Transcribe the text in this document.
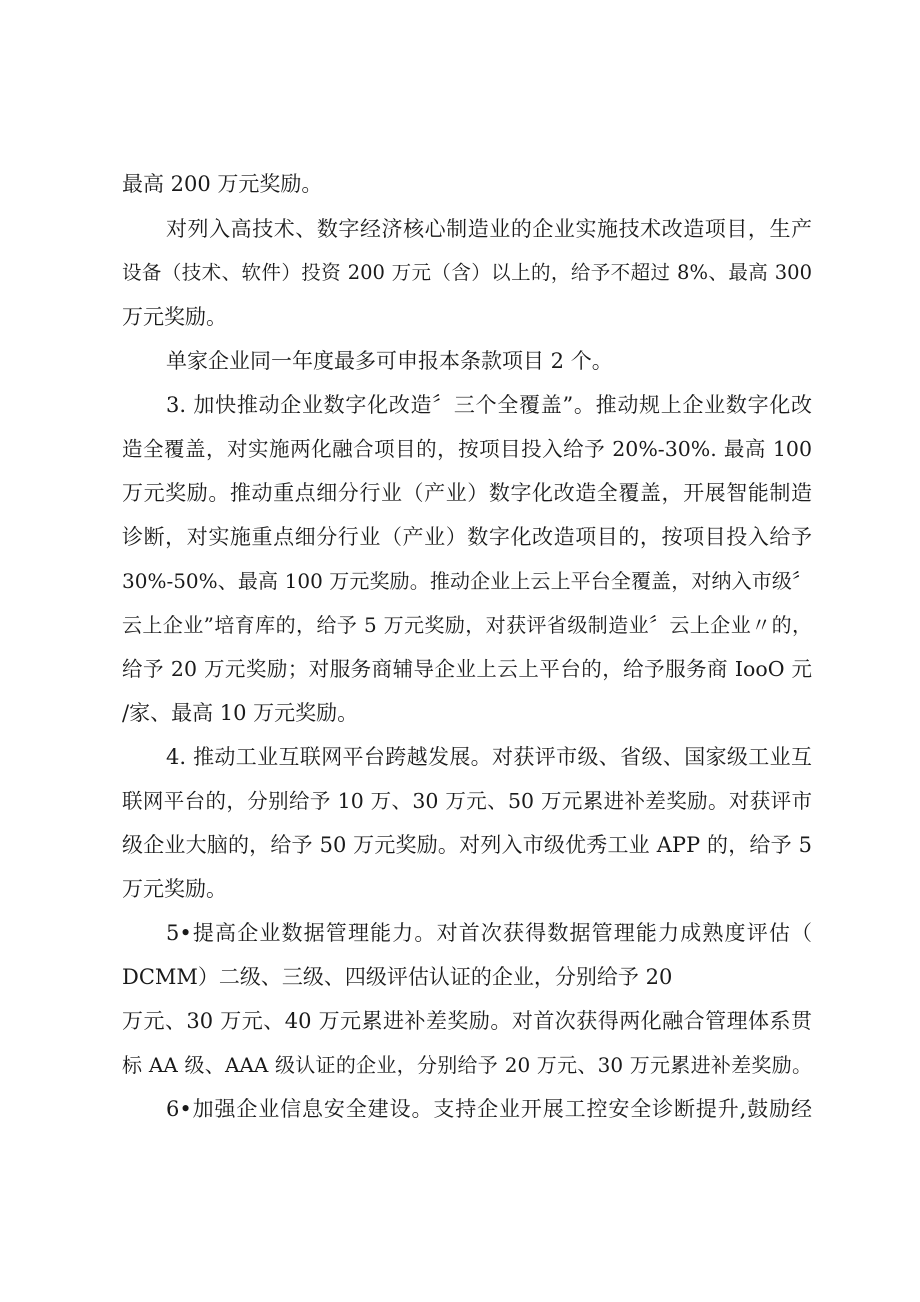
最高 200 万元奖励。
对列入高技术、数字经济核心制造业的企业实施技术改造项目，生产
设备（技术、软件）投资 200 万元（含）以上的，给予不超过 8%、最高 300
万元奖励。
单家企业同一年度最多可申报本条款项目 2 个。
3. 加快推动企业数字化改造〞三个全覆盖”。推动规上企业数字化改
造全覆盖，对实施两化融合项目的，按项目投入给予 20%-30%. 最高 100
万元奖励。推动重点细分行业（产业）数字化改造全覆盖，开展智能制造
诊断，对实施重点细分行业（产业）数字化改造项目的，按项目投入给予
30%-50%、最高 100 万元奖励。推动企业上云上平台全覆盖，对纳入市级〞
云上企业”培育库的，给予 5 万元奖励，对获评省级制造业〞云上企业〃的，
给予 20 万元奖励；对服务商辅导企业上云上平台的，给予服务商 IooO 元
/家、最高 10 万元奖励。
4. 推动工业互联网平台跨越发展。对获评市级、省级、国家级工业互
联网平台的，分别给予 10 万、30 万元、50 万元累进补差奖励。对获评市
级企业大脑的，给予 50 万元奖励。对列入市级优秀工业 APP 的，给予 5
万元奖励。
5•提高企业数据管理能力。对首次获得数据管理能力成熟度评估（
DCMM）二级、三级、四级评估认证的企业，分别给予 20
万元、30 万元、40 万元累进补差奖励。对首次获得两化融合管理体系贯
标 AA 级、AAA 级认证的企业，分别给予 20 万元、30 万元累进补差奖励。
6•加强企业信息安全建设。支持企业开展工控安全诊断提升,鼓励经
